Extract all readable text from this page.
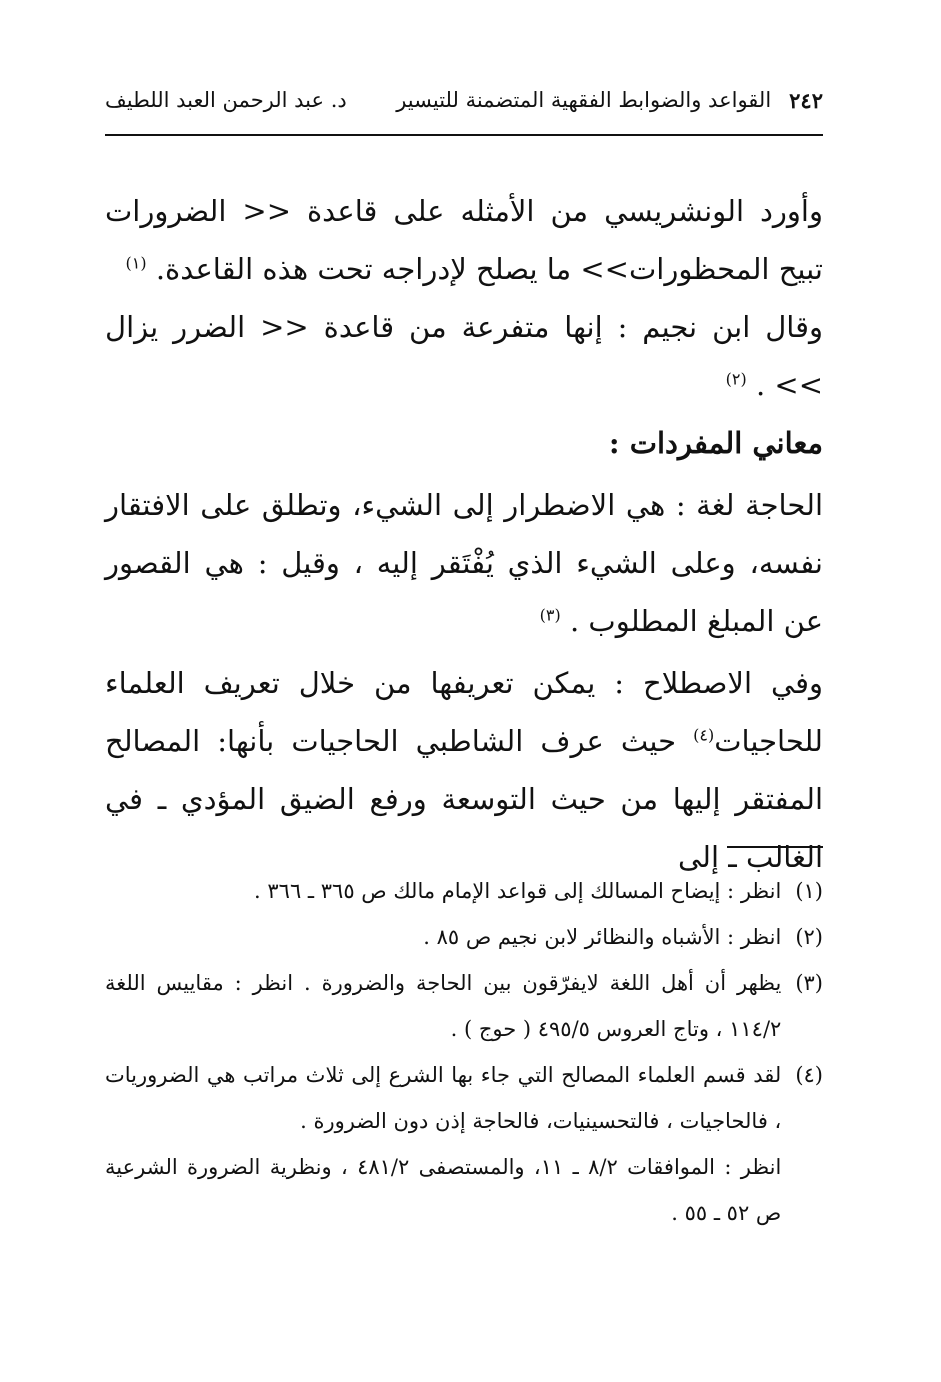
٢٤٢
القواعد والضوابط الفقهية المتضمنة للتيسير
د. عبد الرحمن العبد اللطيف

وأورد الونشريسي من الأمثله على قاعدة << الضرورات تبيح المحظورات>> ما يصلح لإدراجه تحت هذه القاعدة. $^{(١)}$

وقال ابن نجيم : إنها متفرعة من قاعدة << الضرر يزال >> . $^{(٢)}$

معاني المفردات :

الحاجة لغة : هي الاضطرار إلى الشيء، وتطلق على الافتقار نفسه، وعلى الشيء الذي يُفْتَقر إليه ، وقيل : هي القصور عن المبلغ المطلوب . $^{(٣)}$

وفي الاصطلاح : يمكن تعريفها من خلال تعريف العلماء للحاجيات$^{(٤)}$ حيث عرف الشاطبي الحاجيات بأنها: المصالح المفتقر إليها من حيث التوسعة ورفع الضيق المؤدي ـ في الغالب ـ إلى

(١)
انظر : إيضاح المسالك إلى قواعد الإمام مالك ص ٣٦٥ ـ ٣٦٦ .
(٢)
انظر : الأشباه والنظائر لابن نجيم ص ٨٥ .
(٣)
يظهر أن أهل اللغة لايفرّقون بين الحاجة والضرورة . انظر : مقاييس اللغة ١١٤/٢ ، وتاج العروس ٤٩٥/٥ ( حوج ) .
(٤)
لقد قسم العلماء المصالح التي جاء بها الشرع إلى ثلاث مراتب هي الضروريات ، فالحاجيات ، فالتحسينيات، فالحاجة إذن دون الضرورة .
انظر : الموافقات ٨/٢ ـ ١١، والمستصفى ٤٨١/٢ ، ونظرية الضرورة الشرعية ص ٥٢ ـ ٥٥ .
